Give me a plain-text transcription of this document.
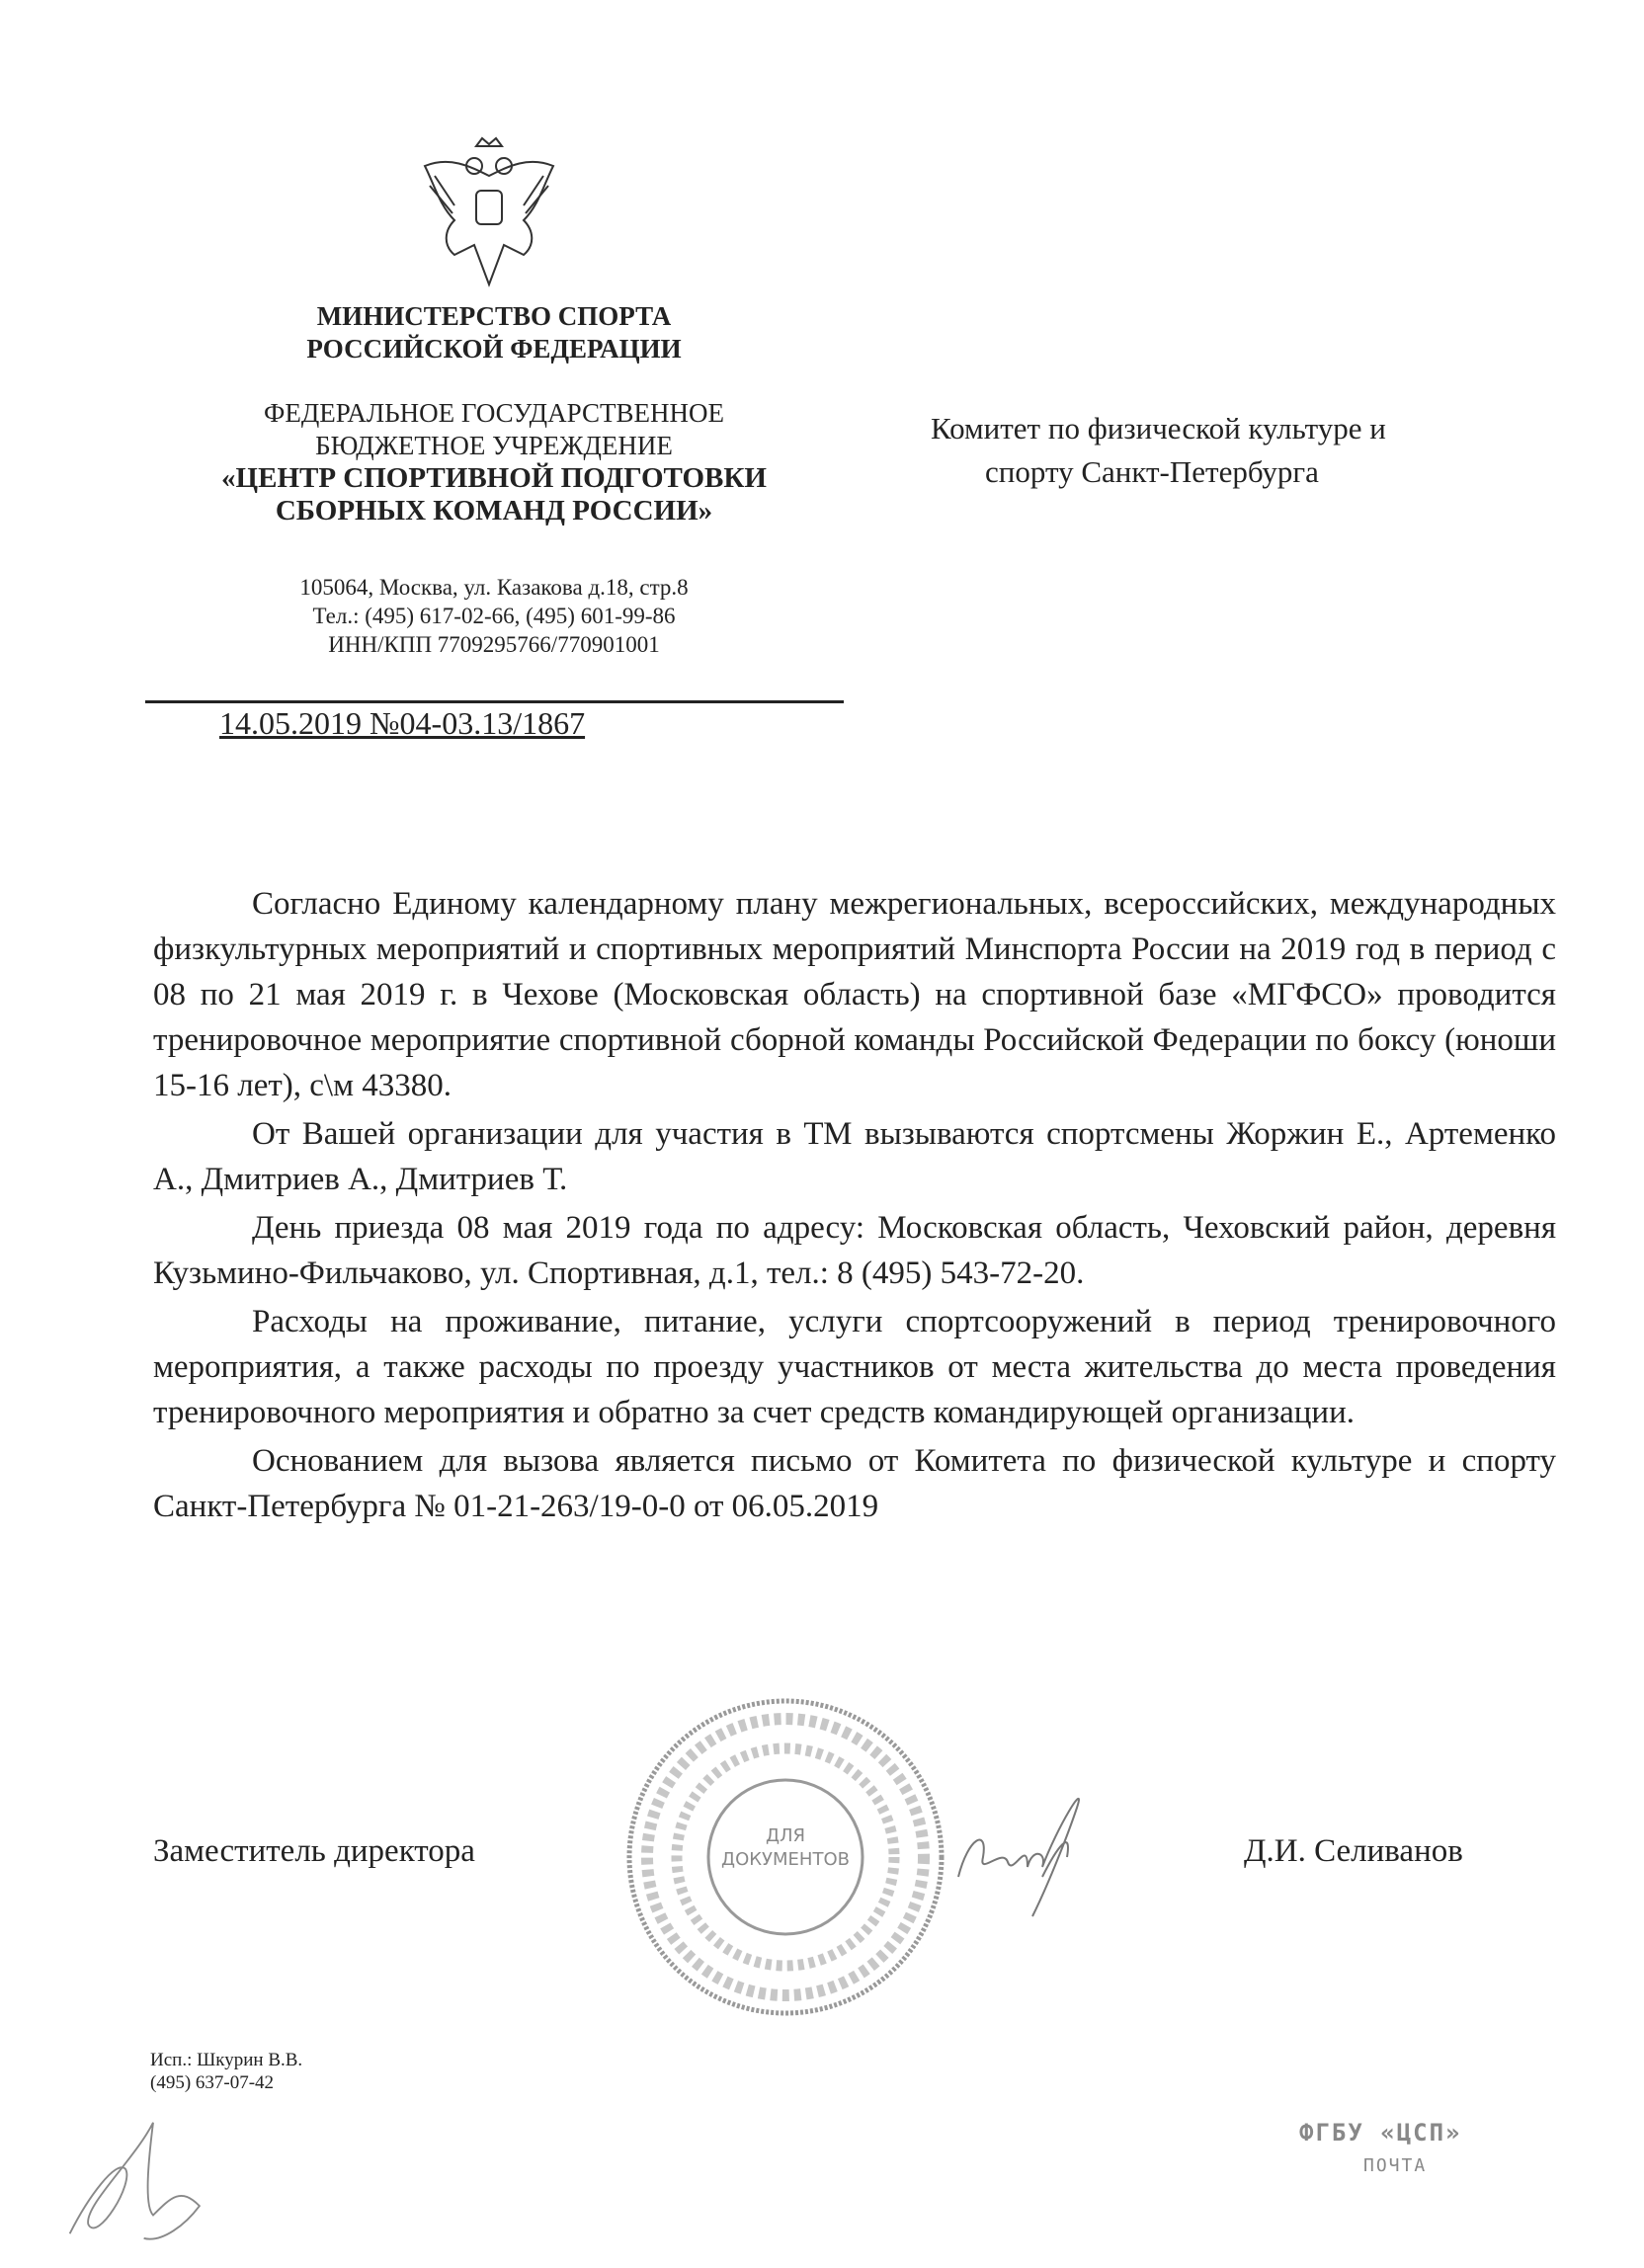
МИНИСТЕРСТВО СПОРТА
РОССИЙСКОЙ ФЕДЕРАЦИИ
ФЕДЕРАЛЬНОЕ ГОСУДАРСТВЕННОЕ
БЮДЖЕТНОЕ УЧРЕЖДЕНИЕ
«ЦЕНТР СПОРТИВНОЙ ПОДГОТОВКИ
СБОРНЫХ КОМАНД РОССИИ»
105064, Москва, ул. Казакова д.18, стр.8
Тел.: (495) 617-02-66, (495) 601-99-86
ИНН/КПП 7709295766/770901001
14.05.2019 №04-03.13/1867
Комитет по физической культуре и
спорту Санкт-Петербурга

Согласно Единому календарному плану межрегиональных, всероссийских, международных физкультурных мероприятий и спортивных мероприятий Минспорта России на 2019 год в период с 08 по 21 мая 2019 г. в Чехове (Московская область) на спортивной базе «МГФСО» проводится тренировочное мероприятие спортивной сборной команды Российской Федерации по боксу (юноши 15-16 лет), с\м 43380.

От Вашей организации для участия в ТМ вызываются спортсмены Жоржин Е., Артеменко А., Дмитриев А., Дмитриев Т.

День приезда 08 мая 2019 года по адресу: Московская область, Чеховский район, деревня Кузьмино-Фильчаково, ул. Спортивная, д.1, тел.: 8 (495) 543-72-20.

Расходы на проживание, питание, услуги спортсооружений в период тренировочного мероприятия, а также расходы по проезду участников от места жительства до места проведения тренировочного мероприятия и обратно за счет средств командирующей организации.

Основанием для вызова является письмо от Комитета по физической культуре и спорту Санкт-Петербурга № 01-21-263/19-0-0 от 06.05.2019

ДЛЯ
ДОКУМЕНТОВ
Заместитель директора	Д.И. Селиванов
Исп.: Шкурин В.В.
(495) 637-07-42
ФГБУ «ЦСП»
ПОЧТА
